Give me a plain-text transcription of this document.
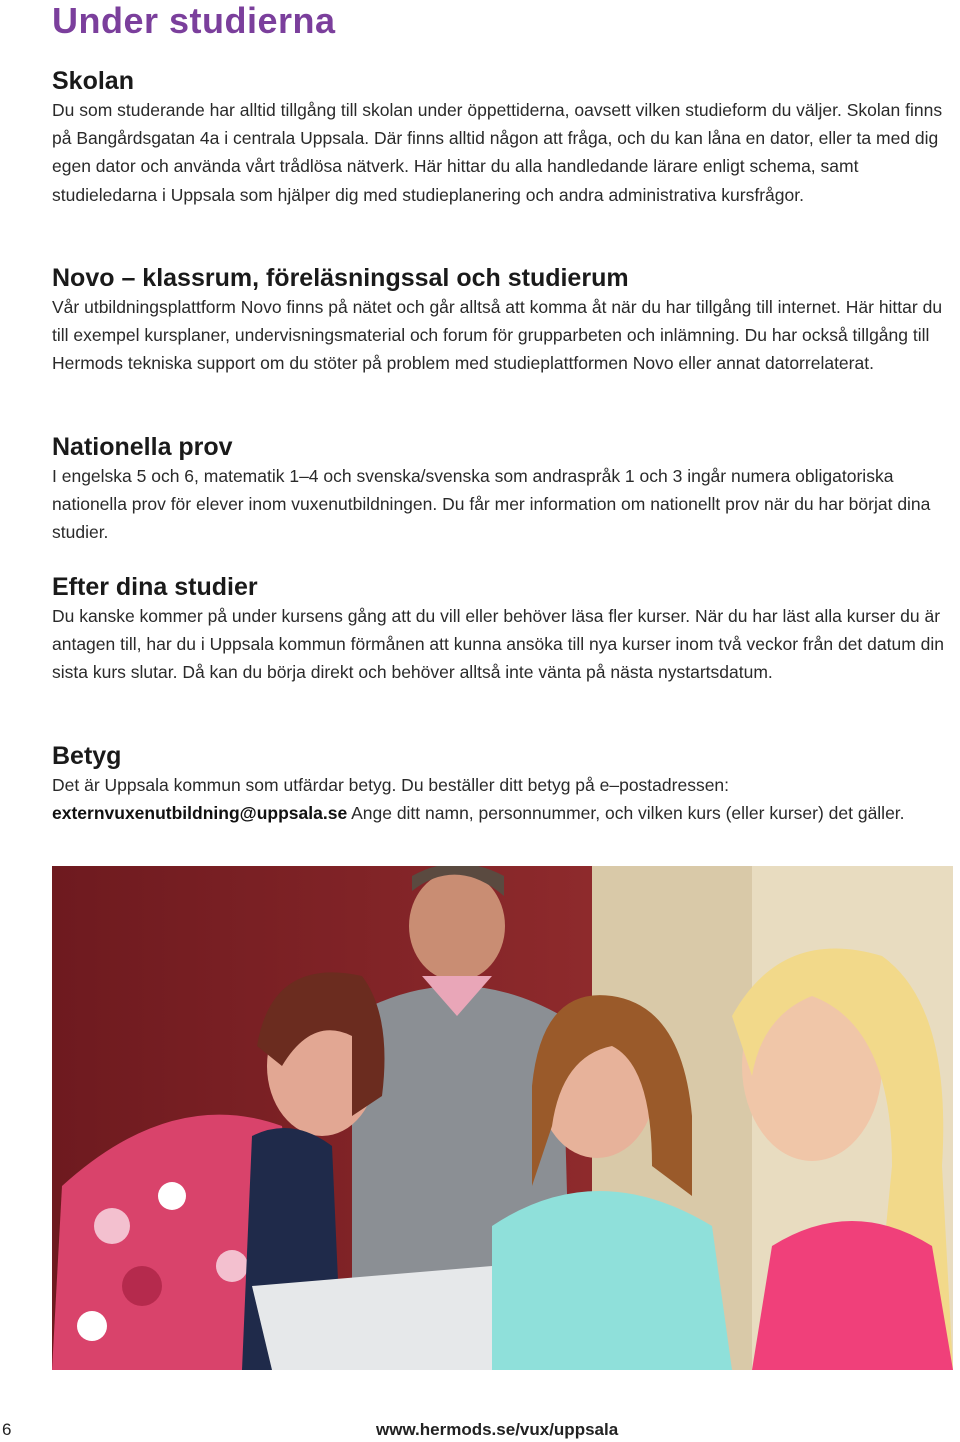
Under studierna
Skolan

Du som studerande har alltid tillgång till skolan under öppettiderna, oavsett vilken studieform du väljer. Skolan finns på Bangårdsgatan 4a i centrala Uppsala. Där finns alltid någon att fråga, och du kan låna en dator, eller ta med dig egen dator och använda vårt trådlösa nätverk. Här hittar du alla handledande lärare enligt schema, samt studieledarna i Uppsala som hjälper dig med studieplanering och andra administrativa kursfrågor.

Novo – klassrum, föreläsningssal och studierum

Vår utbildningsplattform Novo finns på nätet och går alltså att komma åt när du har tillgång till internet. Här hittar du till exempel kursplaner, undervisningsmaterial och forum för grupparbeten och inlämning. Du har också tillgång till Hermods tekniska support om du stöter på problem med studieplattformen Novo eller annat datorrelaterat.

Nationella prov

I engelska 5 och 6, matematik 1–4 och svenska/svenska som andraspråk 1 och 3 ingår numera obligatoriska nationella prov för elever inom vuxenutbildningen. Du får mer information om nationellt prov när du har börjat dina studier.

Efter dina studier

Du kanske kommer på under kursens gång att du vill eller behöver läsa fler kurser. När du har läst alla kurser du är antagen till, har du i Uppsala kommun förmånen att kunna ansöka till nya kurser inom två veckor från det datum din sista kurs slutar. Då kan du börja direkt och behöver alltså inte vänta på nästa nystartsdatum.

Betyg

Det är Uppsala kommun som utfärdar betyg. Du beställer ditt betyg på e–postadressen:
externvuxenutbildning@uppsala.se Ange ditt namn, personnummer, och vilken kurs (eller kurser) det gäller.

6	www.hermods.se/vux/uppsala
